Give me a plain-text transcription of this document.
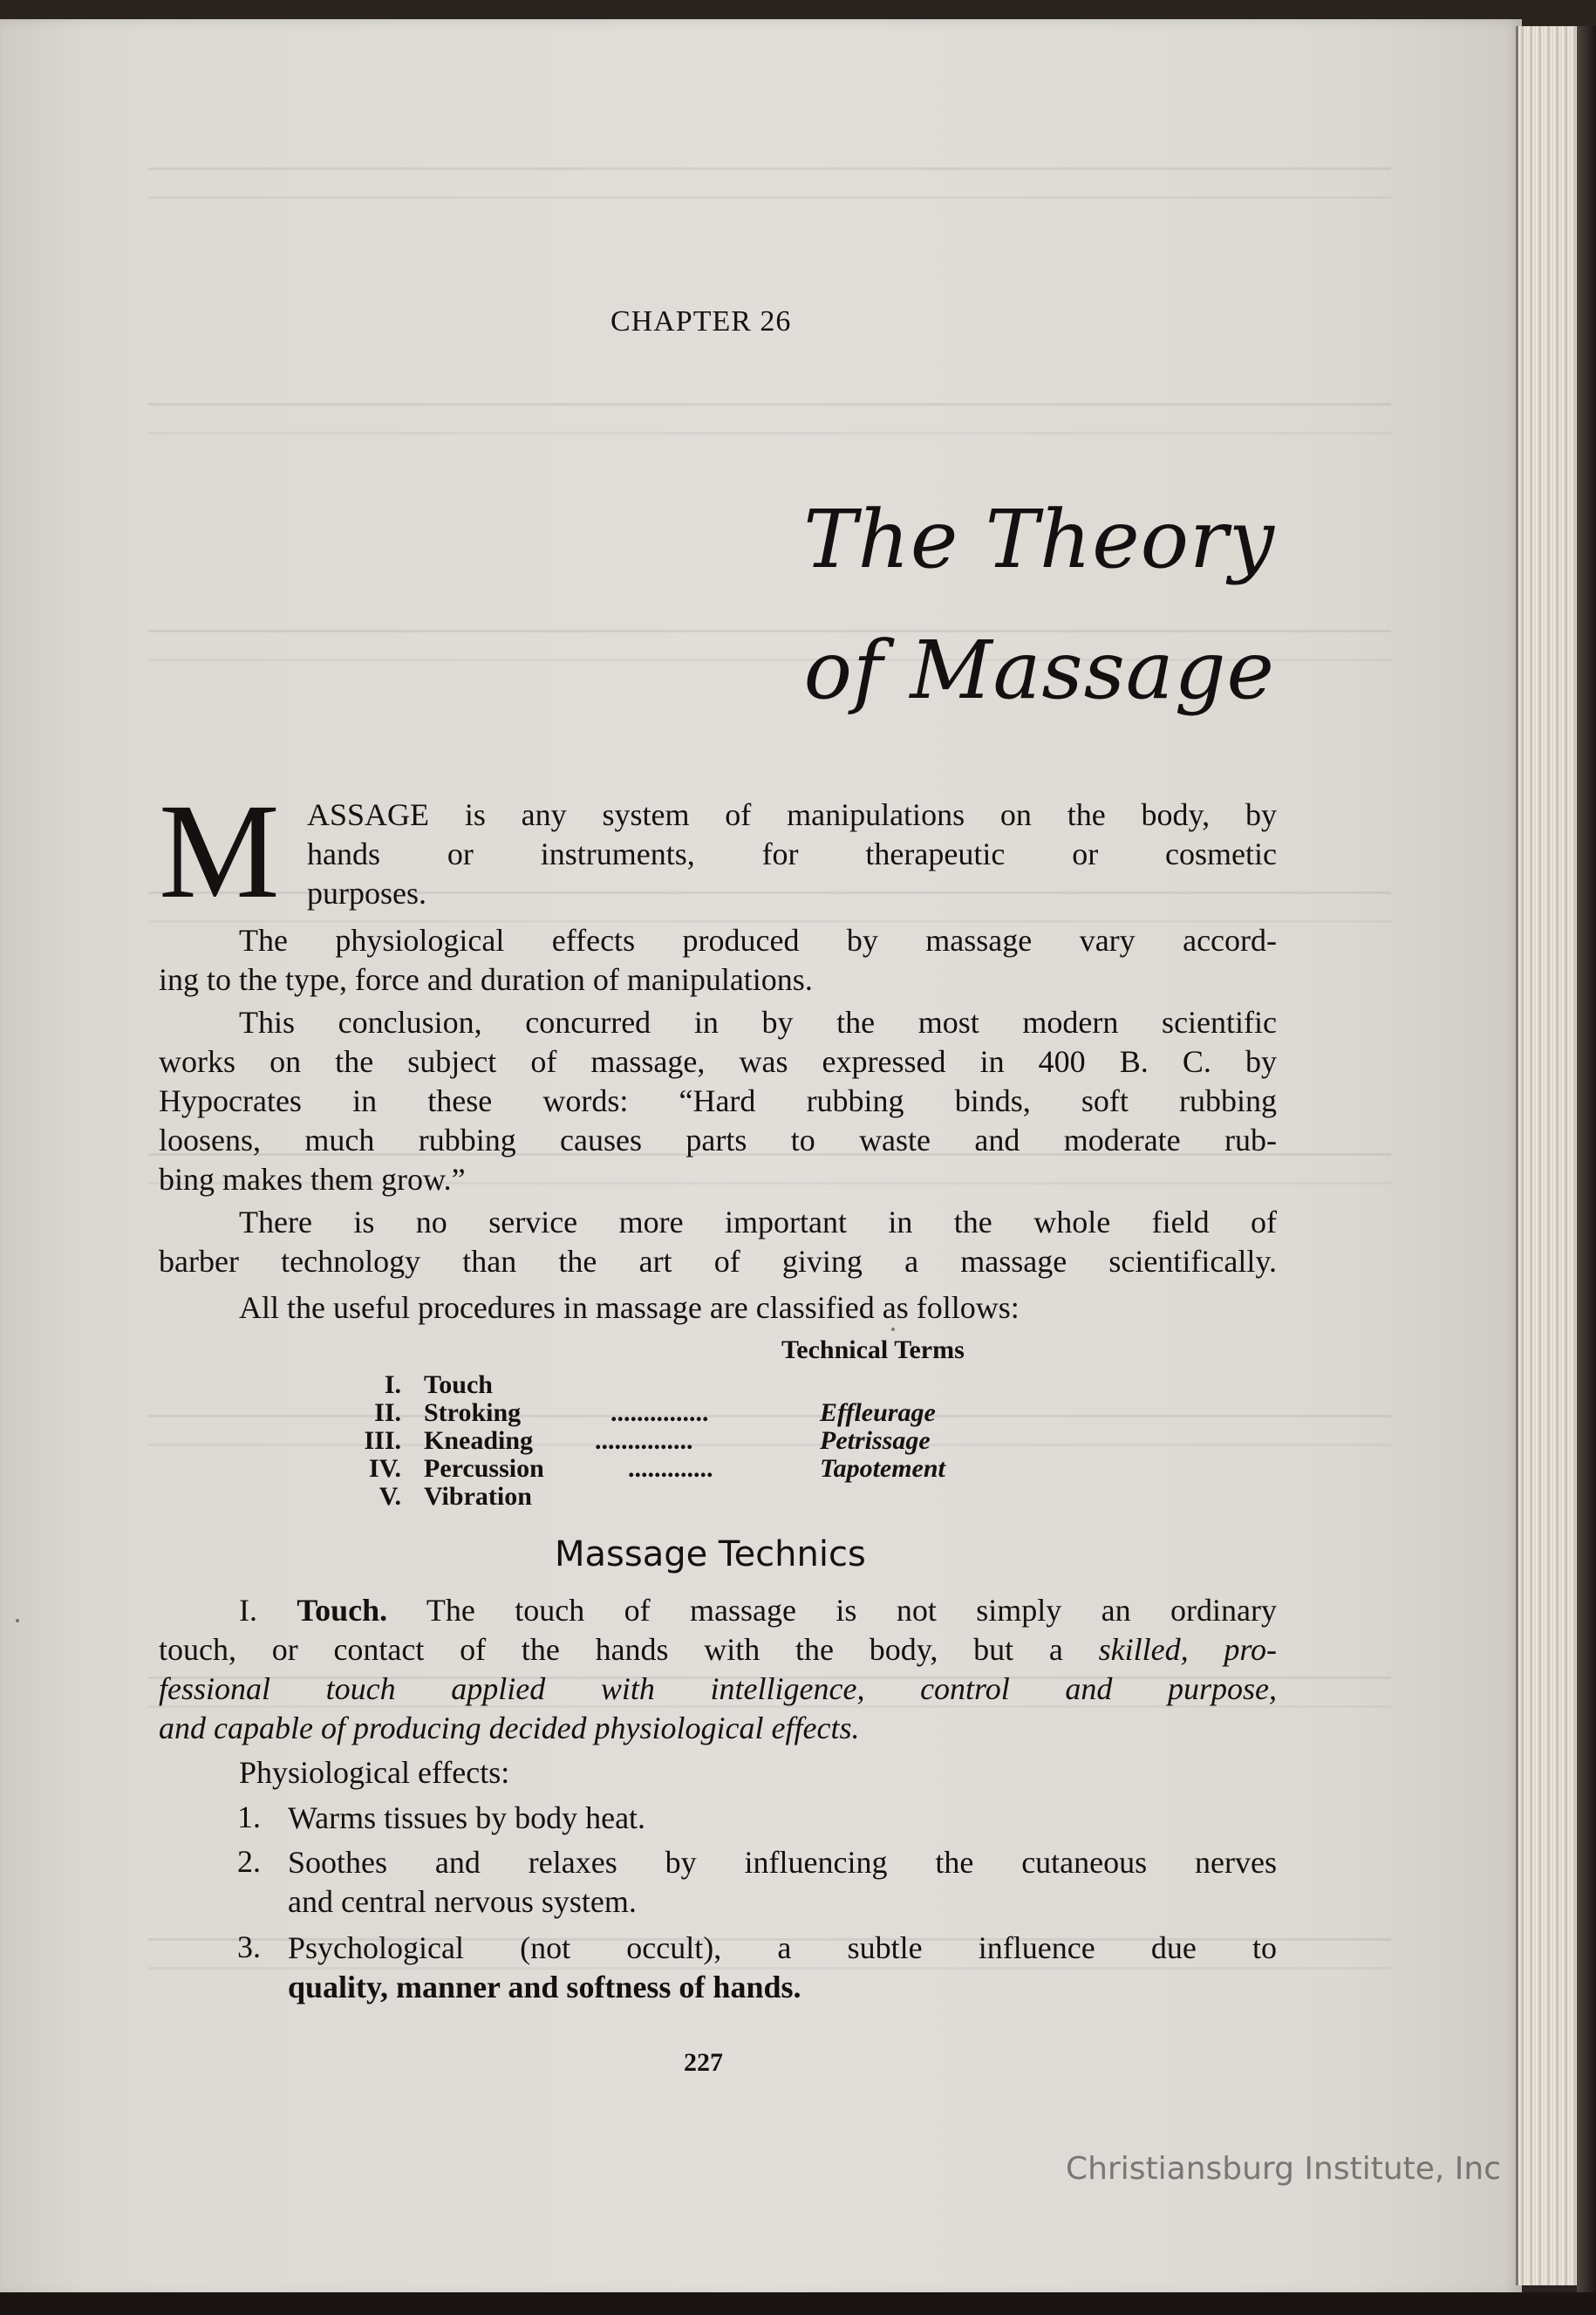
CHAPTER 26
The Theory
of Massage
M ASSAGE is any system of manipulations on the body, by
hands or instruments, for therapeutic or cosmetic
purposes.
The physiological effects produced by massage vary accord-
ing to the type, force and duration of manipulations.
This conclusion, concurred in by the most modern scientific
works on the subject of massage, was expressed in 400 B. C. by
Hypocrates in these words: “Hard rubbing binds, soft rubbing
loosens, much rubbing causes parts to waste and moderate rub-
bing makes them grow.”
There is no service more important in the whole field of
barber technology than the art of giving a massage scientifically.
All the useful procedures in massage are classified as follows:
Technical Terms
I. Touch
II. Stroking	...............	Effleurage
III. Kneading ...............	Petrissage
IV. Percussion	.............	Tapotement
V. Vibration
Massage Technics
I. Touch. The touch of massage is not simply an ordinary
touch, or contact of the hands with the body, but a skilled, pro-
fessional touch applied with intelligence, control and purpose,
and capable of producing decided physiological effects.
Physiological effects:
1. Warms tissues by body heat.
2. Soothes and relaxes by influencing the cutaneous nerves
and central nervous system.
3. Psychological (not occult), a subtle influence due to
quality, manner and softness of hands.
227
Christiansburg Institute, Inc
